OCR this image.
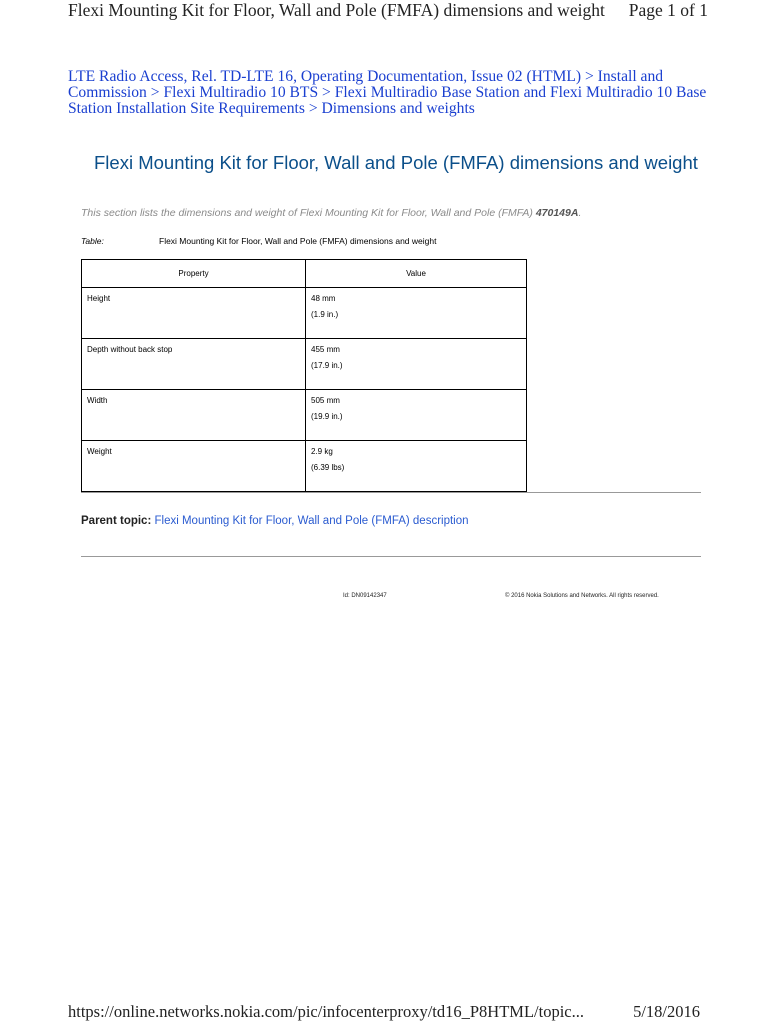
Flexi Mounting Kit for Floor, Wall and Pole (FMFA) dimensions and weight Page 1 of 1
LTE Radio Access, Rel. TD-LTE 16, Operating Documentation, Issue 02 (HTML) > Install and Commission > Flexi Multiradio 10 BTS > Flexi Multiradio Base Station and Flexi Multiradio 10 Base Station Installation Site Requirements > Dimensions and weights
Flexi Mounting Kit for Floor, Wall and Pole (FMFA) dimensions and weight
This section lists the dimensions and weight of Flexi Mounting Kit for Floor, Wall and Pole (FMFA) 470149A.
Table:	Flexi Mounting Kit for Floor, Wall and Pole (FMFA) dimensions and weight
Property	Value
Height	48 mm
(1.9 in.)

Depth without back stop	455 mm
(17.9 in.)

Width	505 mm
(19.9 in.)

Weight	2.9 kg
(6.39 lbs)
Parent topic: Flexi Mounting Kit for Floor, Wall and Pole (FMFA) description
Id: DN09142347	© 2016 Nokia Solutions and Networks. All rights reserved.
https://online.networks.nokia.com/pic/infocenterproxy/td16_P8HTML/topic...	5/18/2016
